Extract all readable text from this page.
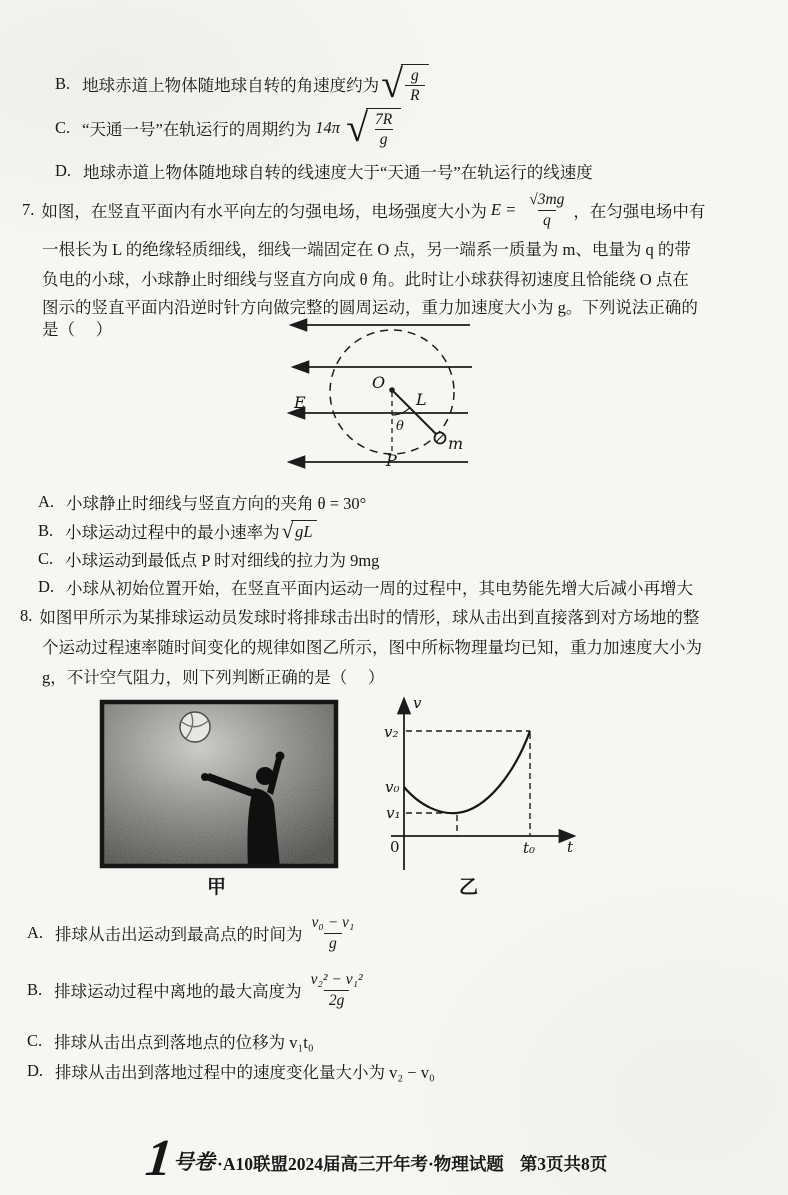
B. 地球赤道上物体随地球自转的角速度约为 √ $\frac{g}{R}$
C. “天通一号”在轨运行的周期约为 14π √ $\frac{7R}{g}$
D. 地球赤道上物体随地球自转的线速度大于“天通一号”在轨运行的线速度
7. 如图，在竖直平面内有水平向左的匀强电场，电场强度大小为 $E = \frac{√3mg}{q}$ ，在匀强电场中有
一根长为 L 的绝缘轻质细线，细线一端固定在 O 点，另一端系一质量为 m、电量为 q 的带
负电的小球，小球静止时细线与竖直方向成 θ 角。此时让小球获得初速度且恰能绕 O 点在
图示的竖直平面内沿逆时针方向做完整的圆周运动，重力加速度大小为 g。下列说法正确的
是（     ）
E
O
L
θ
m
P
A. 小球静止时细线与竖直方向的夹角 θ = 30°
B. 小球运动过程中的最小速率为 √ gL
C. 小球运动到最低点 P 时对细线的拉力为 9mg
D. 小球从初始位置开始，在竖直平面内运动一周的过程中，其电势能先增大后减小再增大
8. 如图甲所示为某排球运动员发球时将排球击出时的情形，球从击出到直接落到对方场地的整
个运动过程速率随时间变化的规律如图乙所示，图中所标物理量均已知，重力加速度大小为
g，不计空气阻力，则下列判断正确的是（     ）
v
v₂
v₀
v₁
0	t₀ t
甲	乙
A. 排球从击出运动到最高点的时间为 $\frac{\text{v₀ − v₁}}{g}$
B. 排球运动过程中离地的最大高度为 $\frac{\text{v₂² − v₁²}}{2g}$
C. 排球从击出点到落地点的位移为 v₁t₀
D. 排球从击出到落地过程中的速度变化量大小为 v₂ − v₀
1
号卷 ·A10联盟2024届高三开年考·物理试题 第3页共8页
